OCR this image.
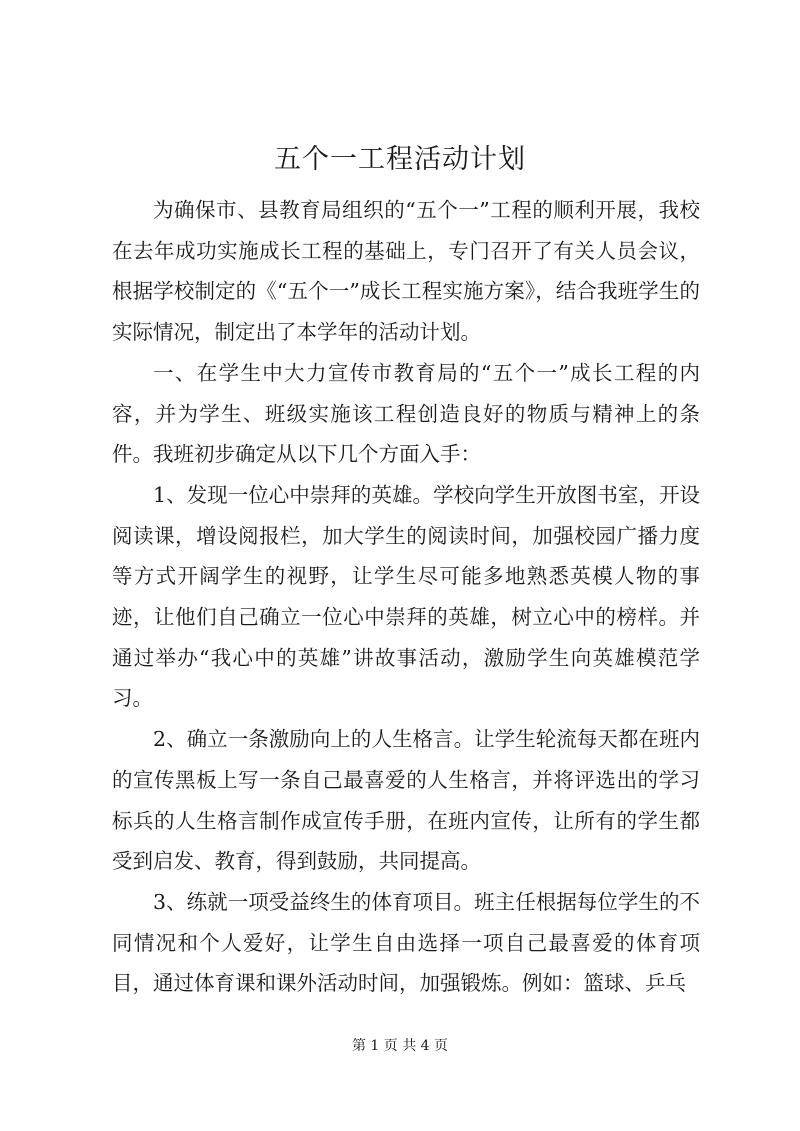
五个一工程活动计划

为确保市、县教育局组织的“五个一”工程的顺利开展，我校在去年成功实施成长工程的基础上，专门召开了有关人员会议，根据学校制定的《“五个一”成长工程实施方案》，结合我班学生的实际情况，制定出了本学年的活动计划。

一、在学生中大力宣传市教育局的“五个一”成长工程的内容，并为学生、班级实施该工程创造良好的物质与精神上的条件。我班初步确定从以下几个方面入手：

1、发现一位心中崇拜的英雄。学校向学生开放图书室，开设阅读课，增设阅报栏，加大学生的阅读时间，加强校园广播力度等方式开阔学生的视野，让学生尽可能多地熟悉英模人物的事迹，让他们自己确立一位心中崇拜的英雄，树立心中的榜样。并通过举办“我心中的英雄”讲故事活动，激励学生向英雄模范学习。

2、确立一条激励向上的人生格言。让学生轮流每天都在班内的宣传黑板上写一条自己最喜爱的人生格言，并将评选出的学习标兵的人生格言制作成宣传手册，在班内宣传，让所有的学生都受到启发、教育，得到鼓励，共同提高。

3、练就一项受益终生的体育项目。班主任根据每位学生的不同情况和个人爱好，让学生自由选择一项自己最喜爱的体育项目，通过体育课和课外活动时间，加强锻炼。例如：篮球、乒乓

第 1 页 共 4 页
